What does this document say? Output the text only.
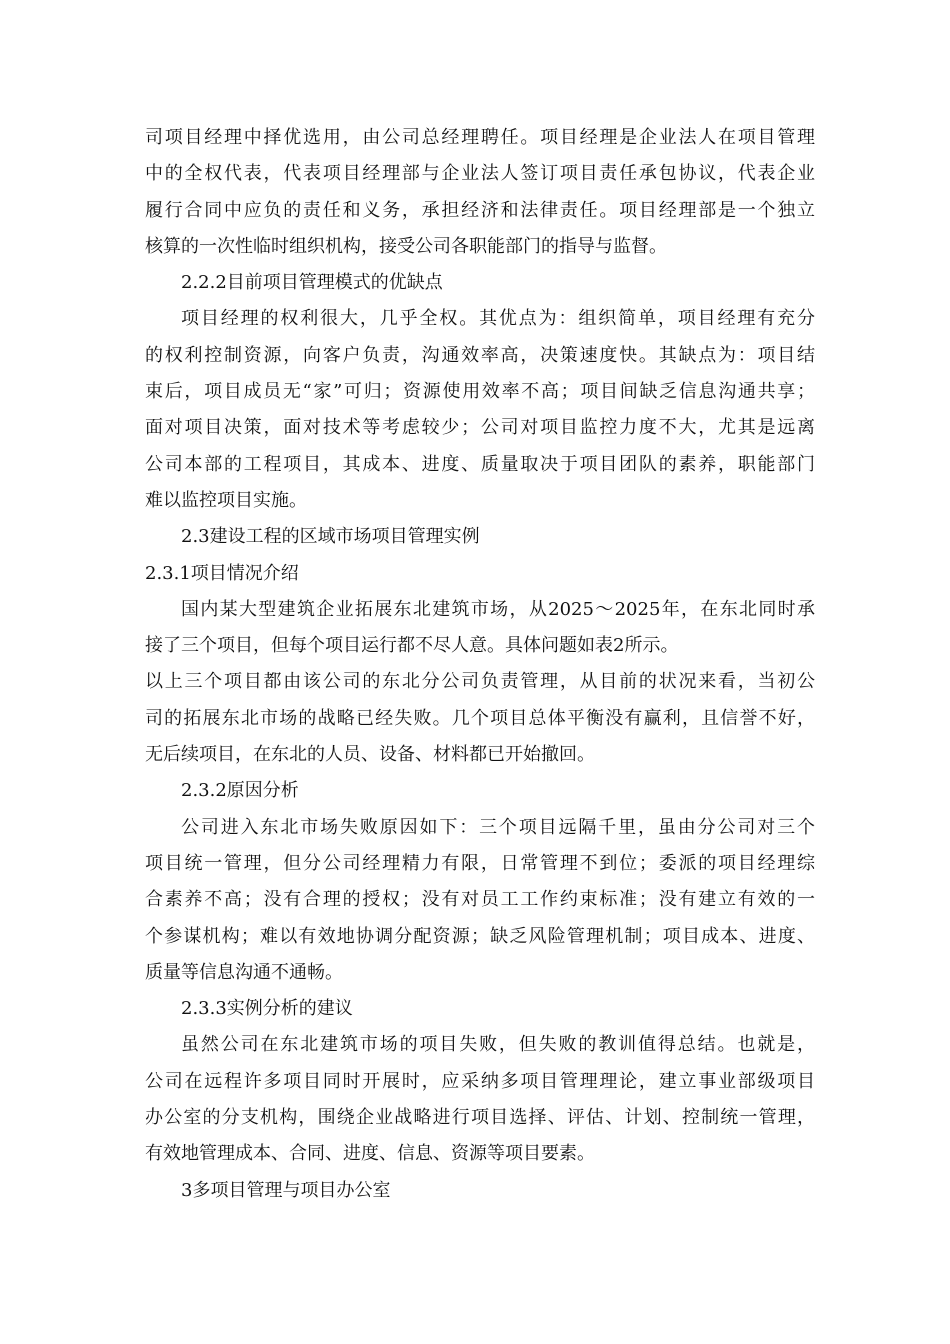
司项目经理中择优选用，由公司总经理聘任。项目经理是企业法人在项目管理
中的全权代表，代表项目经理部与企业法人签订项目责任承包协议，代表企业
履行合同中应负的责任和义务，承担经济和法律责任。项目经理部是一个独立
核算的一次性临时组织机构，接受公司各职能部门的指导与监督。
2.2.2目前项目管理模式的优缺点
项目经理的权利很大，几乎全权。其优点为：组织简单，项目经理有充分
的权利控制资源，向客户负责，沟通效率高，决策速度快。其缺点为：项目结
束后，项目成员无“家”可归；资源使用效率不高；项目间缺乏信息沟通共享；
面对项目决策，面对技术等考虑较少；公司对项目监控力度不大，尤其是远离
公司本部的工程项目，其成本、进度、质量取决于项目团队的素养，职能部门
难以监控项目实施。
2.3建设工程的区域市场项目管理实例
2.3.1项目情况介绍
国内某大型建筑企业拓展东北建筑市场，从2025～2025年，在东北同时承
接了三个项目，但每个项目运行都不尽人意。具体问题如表2所示。
以上三个项目都由该公司的东北分公司负责管理，从目前的状况来看，当初公
司的拓展东北市场的战略已经失败。几个项目总体平衡没有赢利，且信誉不好，
无后续项目，在东北的人员、设备、材料都已开始撤回。
2.3.2原因分析
公司进入东北市场失败原因如下：三个项目远隔千里，虽由分公司对三个
项目统一管理，但分公司经理精力有限，日常管理不到位；委派的项目经理综
合素养不高；没有合理的授权；没有对员工工作约束标准；没有建立有效的一
个参谋机构；难以有效地协调分配资源；缺乏风险管理机制；项目成本、进度、
质量等信息沟通不通畅。
2.3.3实例分析的建议
虽然公司在东北建筑市场的项目失败，但失败的教训值得总结。也就是，
公司在远程许多项目同时开展时，应采纳多项目管理理论，建立事业部级项目
办公室的分支机构，围绕企业战略进行项目选择、评估、计划、控制统一管理，
有效地管理成本、合同、进度、信息、资源等项目要素。
3多项目管理与项目办公室
